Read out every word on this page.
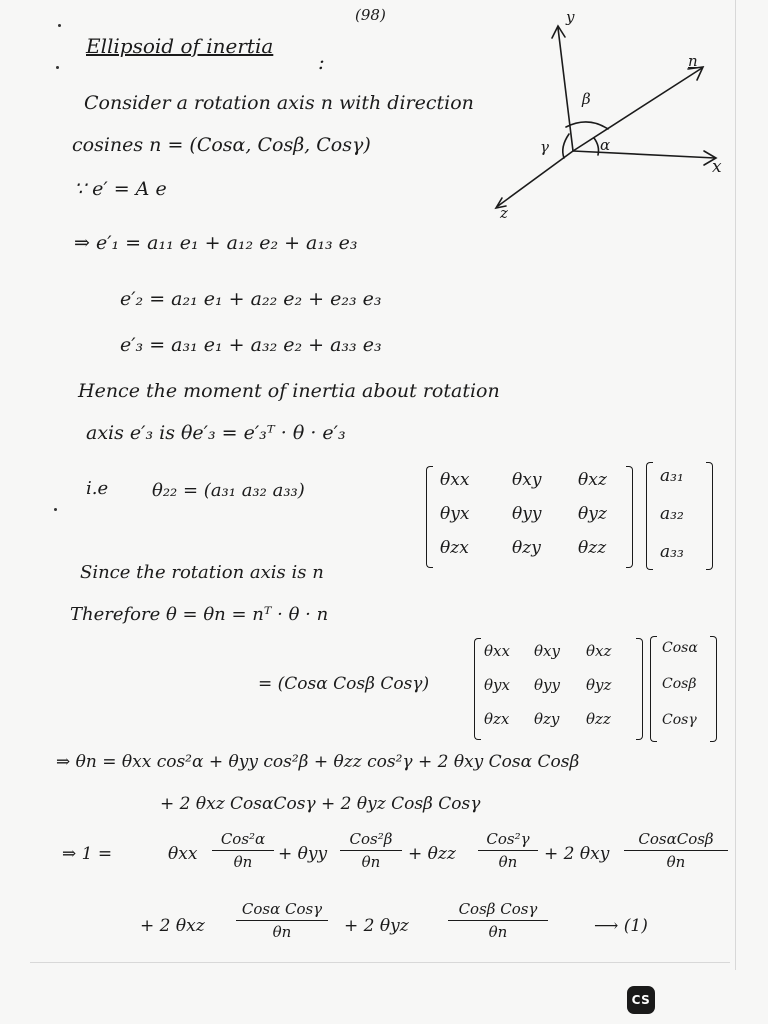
(98)
Ellipsoid of inertia
:
Consider a rotation axis n with direction
cosines n = (Cosα, Cosβ, Cosγ)
y
n
x
z
α
β
γ
∵ e′ = A e
⇒ e′₁ = a₁₁ e₁ + a₁₂ e₂ + a₁₃ e₃
e′₂ = a₂₁ e₁ + a₂₂ e₂ + e₂₃ e₃
e′₃ = a₃₁ e₁ + a₃₂ e₂ + a₃₃ e₃
Hence the moment of inertia about rotation
axis e′₃ is θe′₃ = e′₃ᵀ · θ · e′₃
i.e θ₂₂ = (a₃₁ a₃₂ a₃₃)	θxx	θxy θxz
θyx	θyy θyz
θzx	θzy θzz
a₃₁
a₃₂
a₃₃
Since the rotation axis is n
Therefore θ = θn = nᵀ · θ · n
= (Cosα Cosβ Cosγ)
θxx θxy θxz
θyx θyy θyz
θzx θzy θzz
Cosα
Cosβ
Cosγ
⇒ θn = θxx cos²α + θyy cos²β + θzz cos²γ + 2 θxy Cosα Cosβ
+ 2 θxz CosαCosγ + 2 θyz Cosβ Cosγ
⇒ 1 =	θxx
Cos²α
θn	+ θyy
Cos²β
θn	+ θzz
Cos²γ
θn	+ 2 θxy
CosαCosβ
θn
+ 2 θxz
Cosα Cosγ
θn	+ 2 θyz
Cosβ Cosγ
θn	⟶ (1)
CS
